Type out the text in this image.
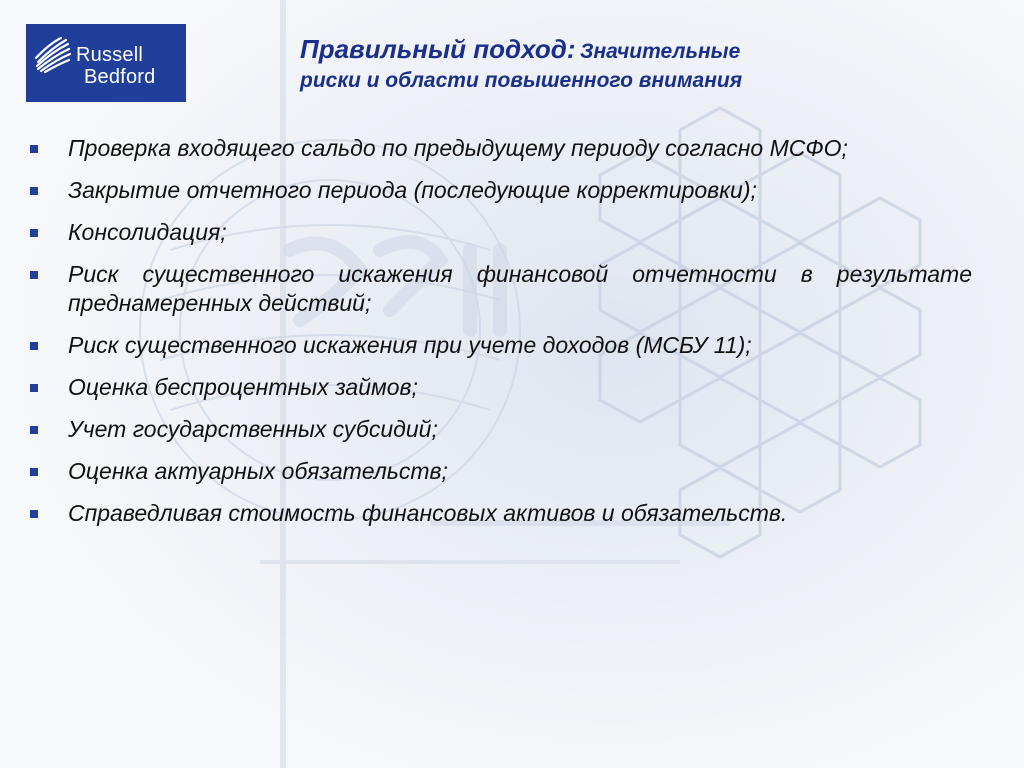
Russell
Bedford
Правильный подход: Значительные
риски и области повышенного внимания
Проверка входящего сальдо по предыдущему периоду согласно МСФО;
Закрытие отчетного периода (последующие корректировки);
Консолидация;
Риск существенного искажения финансовой отчетности в результате преднамеренных действий;
Риск существенного искажения при учете доходов (МСБУ 11);
Оценка беспроцентных займов;
Учет государственных субсидий;
Оценка актуарных обязательств;
Справедливая стоимость финансовых активов и обязательств.
